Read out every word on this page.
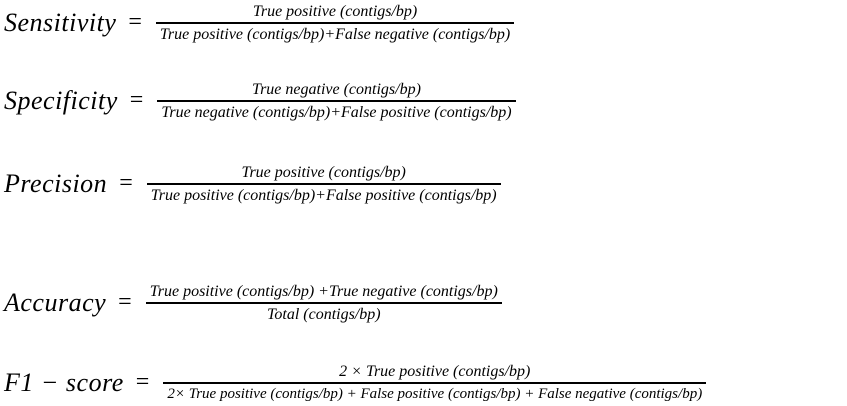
Sensitivity = $\frac{\text{True positive (contigs/bp)}}{\text{True positive (contigs/bp)+False negative (contigs/bp)}}$
Specificity = $\frac{\text{True negative (contigs/bp)}}{\text{True negative (contigs/bp)+False positive (contigs/bp)}}$
Precision = $\frac{\text{True positive (contigs/bp)}}{\text{True positive (contigs/bp)+False positive (contigs/bp)}}$
Accuracy = $\frac{\text{True positive (contigs/bp) +True negative (contigs/bp)}}{\text{Total (contigs/bp)}}$
F1 − score =	2 × True positive (contigs/bp)
2× True positive (contigs/bp) + False positive (contigs/bp) + False negative (contigs/bp)
